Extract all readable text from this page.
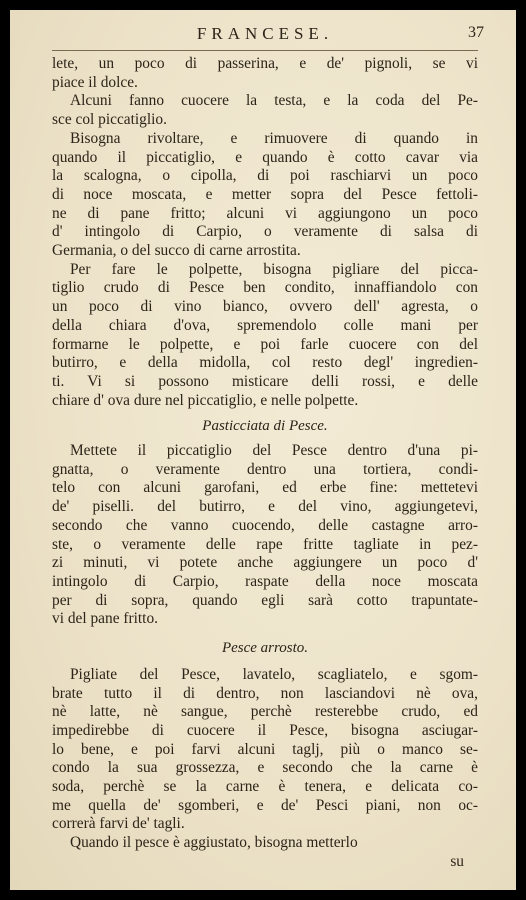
FRANCESE.	37

lete, un poco di passerina, e de' pignoli, se vi
piace il dolce.

Alcuni fanno cuocere la testa, e la coda del Pe-
sce col piccatiglio.

Bisogna rivoltare, e rimuovere di quando in
quando il piccatiglio, e quando è cotto cavar via
la scalogna, o cipolla, di poi raschiarvi un poco
di noce moscata, e metter sopra del Pesce fettoli-
ne di pane fritto; alcuni vi aggiungono un poco
d' intingolo di Carpio, o veramente di salsa di
Germania, o del succo di carne arrostita.

Per fare le polpette, bisogna pigliare del picca-
tiglio crudo di Pesce ben condito, innaffiandolo con
un poco di vino bianco, ovvero dell' agresta, o
della chiara d'ova, spremendolo colle mani per
formarne le polpette, e poi farle cuocere con del
butirro, e della midolla, col resto degl' ingredien-
ti. Vi si possono misticare delli rossi, e delle
chiare d' ova dure nel piccatiglio, e nelle polpette.

Pasticciata di Pesce.

Mettete il piccatiglio del Pesce dentro d'una pi-
gnatta, o veramente dentro una tortiera, condi-
telo con alcuni garofani, ed erbe fine: mettetevi
de' piselli. del butirro, e del vino, aggiungetevi,
secondo che vanno cuocendo, delle castagne arro-
ste, o veramente delle rape fritte tagliate in pez-
zi minuti, vi potete anche aggiungere un poco d'
intingolo di Carpio, raspate della noce moscata
per di sopra, quando egli sarà cotto trapuntate-
vi del pane fritto.

Pesce arrosto.

Pigliate del Pesce, lavatelo, scagliatelo, e sgom-
brate tutto il di dentro, non lasciandovi nè ova,
nè latte, nè sangue, perchè resterebbe crudo, ed
impedirebbe di cuocere il Pesce, bisogna asciugar-
lo bene, e poi farvi alcuni taglj, più o manco se-
condo la sua grossezza, e secondo che la carne è
soda, perchè se la carne è tenera, e delicata co-
me quella de' sgomberi, e de' Pesci piani, non oc-
correrà farvi de' tagli.

Quando il pesce è aggiustato, bisogna metterlo

su
